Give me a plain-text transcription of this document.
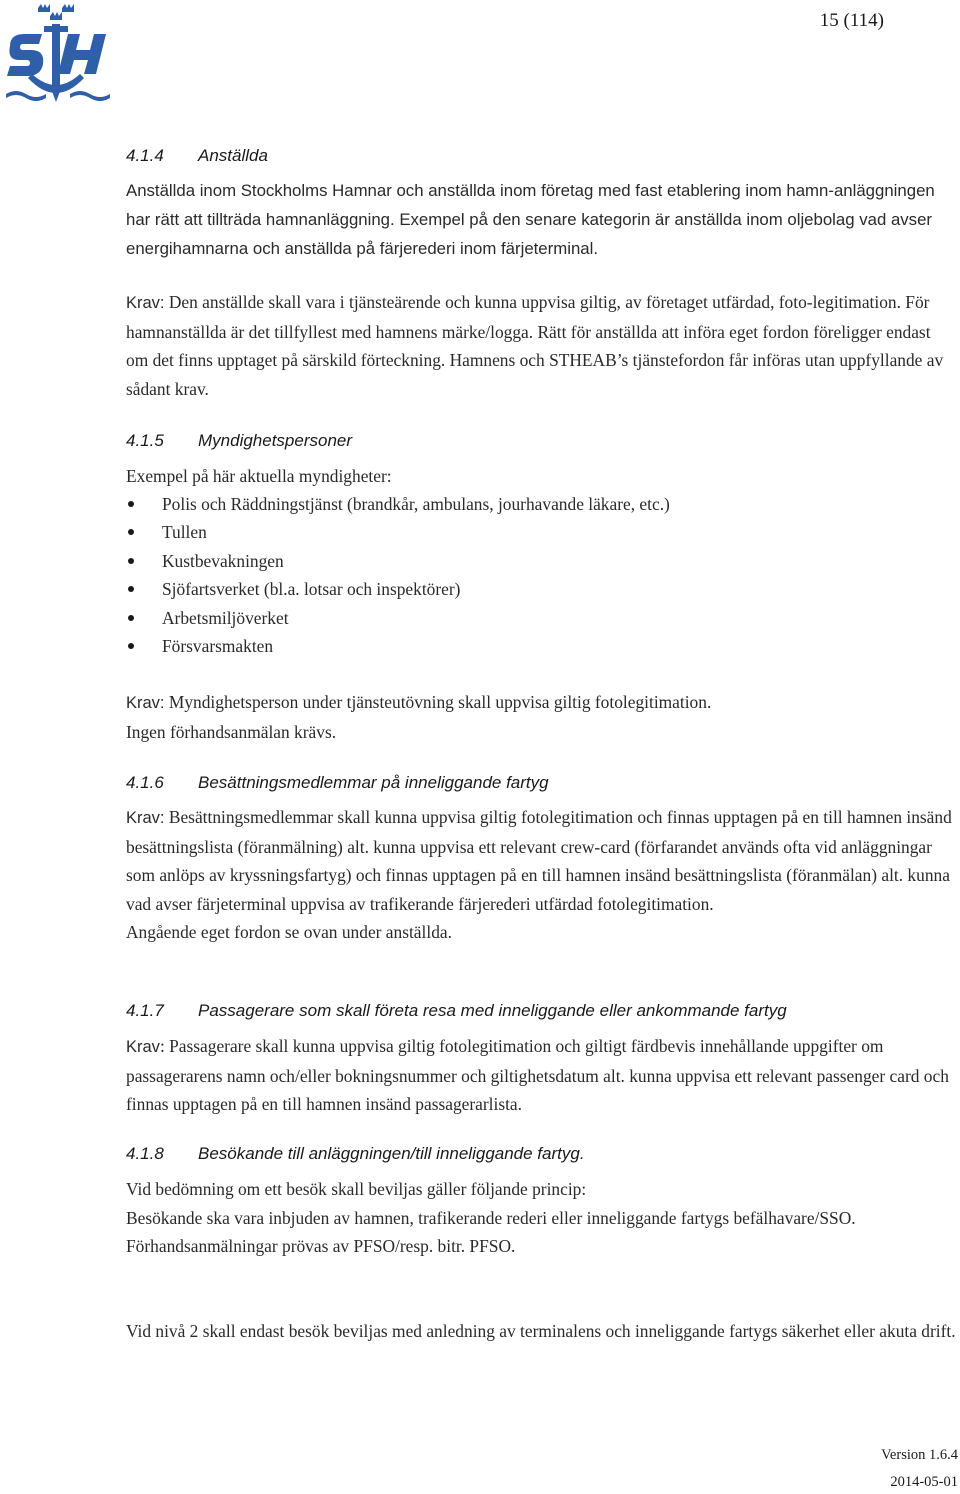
15 (114)
4.1.4 Anställda
Anställda inom Stockholms Hamnar och anställda inom företag med fast etablering inom hamn-anläggningen har rätt att tillträda hamnanläggning. Exempel på den senare kategorin är anställda inom oljebolag vad avser energihamnarna och anställda på färjerederi inom färjeterminal.
Krav: Den anställde skall vara i tjänsteärende och kunna uppvisa giltig, av företaget utfärdad, foto-legitimation. För hamnanställda är det tillfyllest med hamnens märke/logga. Rätt för anställda att införa eget fordon föreligger endast om det finns upptaget på särskild förteckning. Hamnens och STHEAB’s tjänstefordon får införas utan uppfyllande av sådant krav.
4.1.5 Myndighetspersoner
Exempel på här aktuella myndigheter:
Polis och Räddningstjänst (brandkår, ambulans, jourhavande läkare, etc.)
Tullen
Kustbevakningen
Sjöfartsverket (bl.a. lotsar och inspektörer)
Arbetsmiljöverket
Försvarsmakten
Krav: Myndighetsperson under tjänsteutövning skall uppvisa giltig fotolegitimation.
Ingen förhandsanmälan krävs.
4.1.6 Besättningsmedlemmar på inneliggande fartyg
Krav: Besättningsmedlemmar skall kunna uppvisa giltig fotolegitimation och finnas upptagen på en till hamnen insänd besättningslista (föranmälning) alt. kunna uppvisa ett relevant crew-card (förfarandet används ofta vid anläggningar som anlöps av kryssningsfartyg) och finnas upptagen på en till hamnen insänd besättningslista (föranmälan) alt. kunna vad avser färjeterminal uppvisa av trafikerande färjerederi utfärdad fotolegitimation.
Angående eget fordon se ovan under anställda.
4.1.7 Passagerare som skall företa resa med inneliggande eller ankommande fartyg
Krav: Passagerare skall kunna uppvisa giltig fotolegitimation och giltigt färdbevis innehållande uppgifter om passagerarens namn och/eller bokningsnummer och giltighetsdatum alt. kunna uppvisa ett relevant passenger card och finnas upptagen på en till hamnen insänd passagerarlista.
4.1.8 Besökande till anläggningen/till inneliggande fartyg.
Vid bedömning om ett besök skall beviljas gäller följande princip:
Besökande ska vara inbjuden av hamnen, trafikerande rederi eller inneliggande fartygs befälhavare/SSO.
Förhandsanmälningar prövas av PFSO/resp. bitr. PFSO.
Vid nivå 2 skall endast besök beviljas med anledning av terminalens och inneliggande fartygs säkerhet eller akuta drift.
Version 1.6.4
2014-05-01
